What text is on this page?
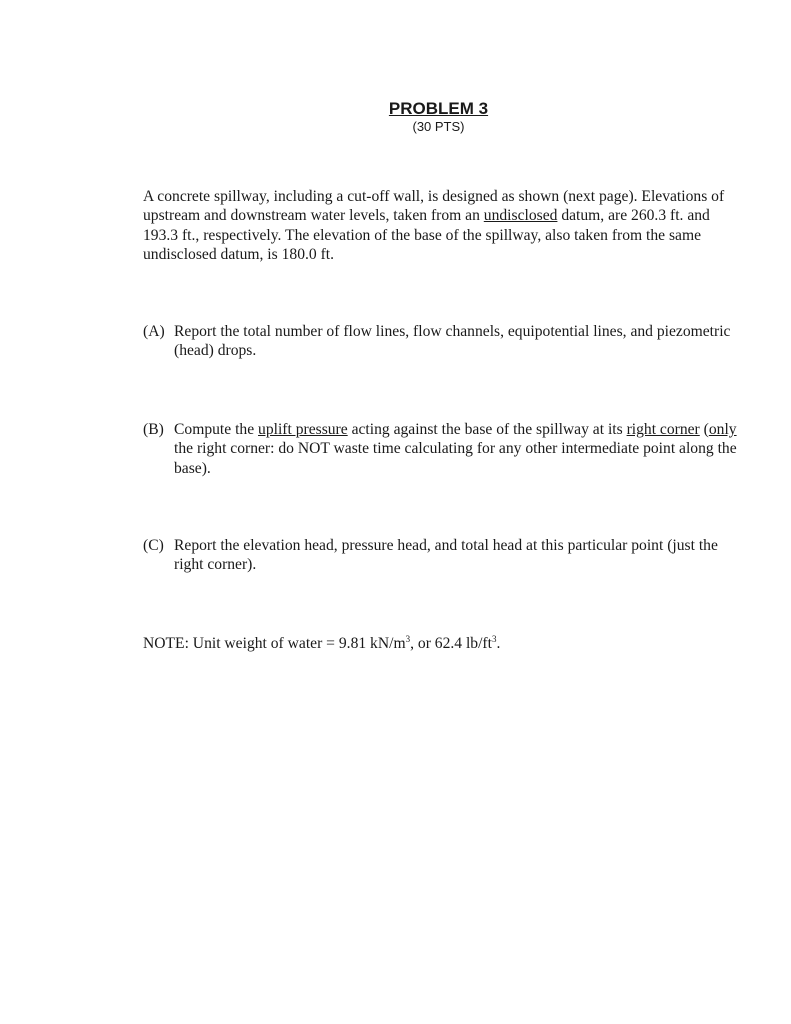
PROBLEM 3
(30 PTS)
A concrete spillway, including a cut-off wall, is designed as shown (next page). Elevations of upstream and downstream water levels, taken from an undisclosed datum, are 260.3 ft. and 193.3 ft., respectively. The elevation of the base of the spillway, also taken from the same undisclosed datum, is 180.0 ft.
(A) Report the total number of flow lines, flow channels, equipotential lines, and piezometric (head) drops.
(B) Compute the uplift pressure acting against the base of the spillway at its right corner (only the right corner: do NOT waste time calculating for any other intermediate point along the base).
(C) Report the elevation head, pressure head, and total head at this particular point (just the right corner).
NOTE: Unit weight of water = 9.81 $kN/m^3$, or 62.4 $lb/ft^3$.
